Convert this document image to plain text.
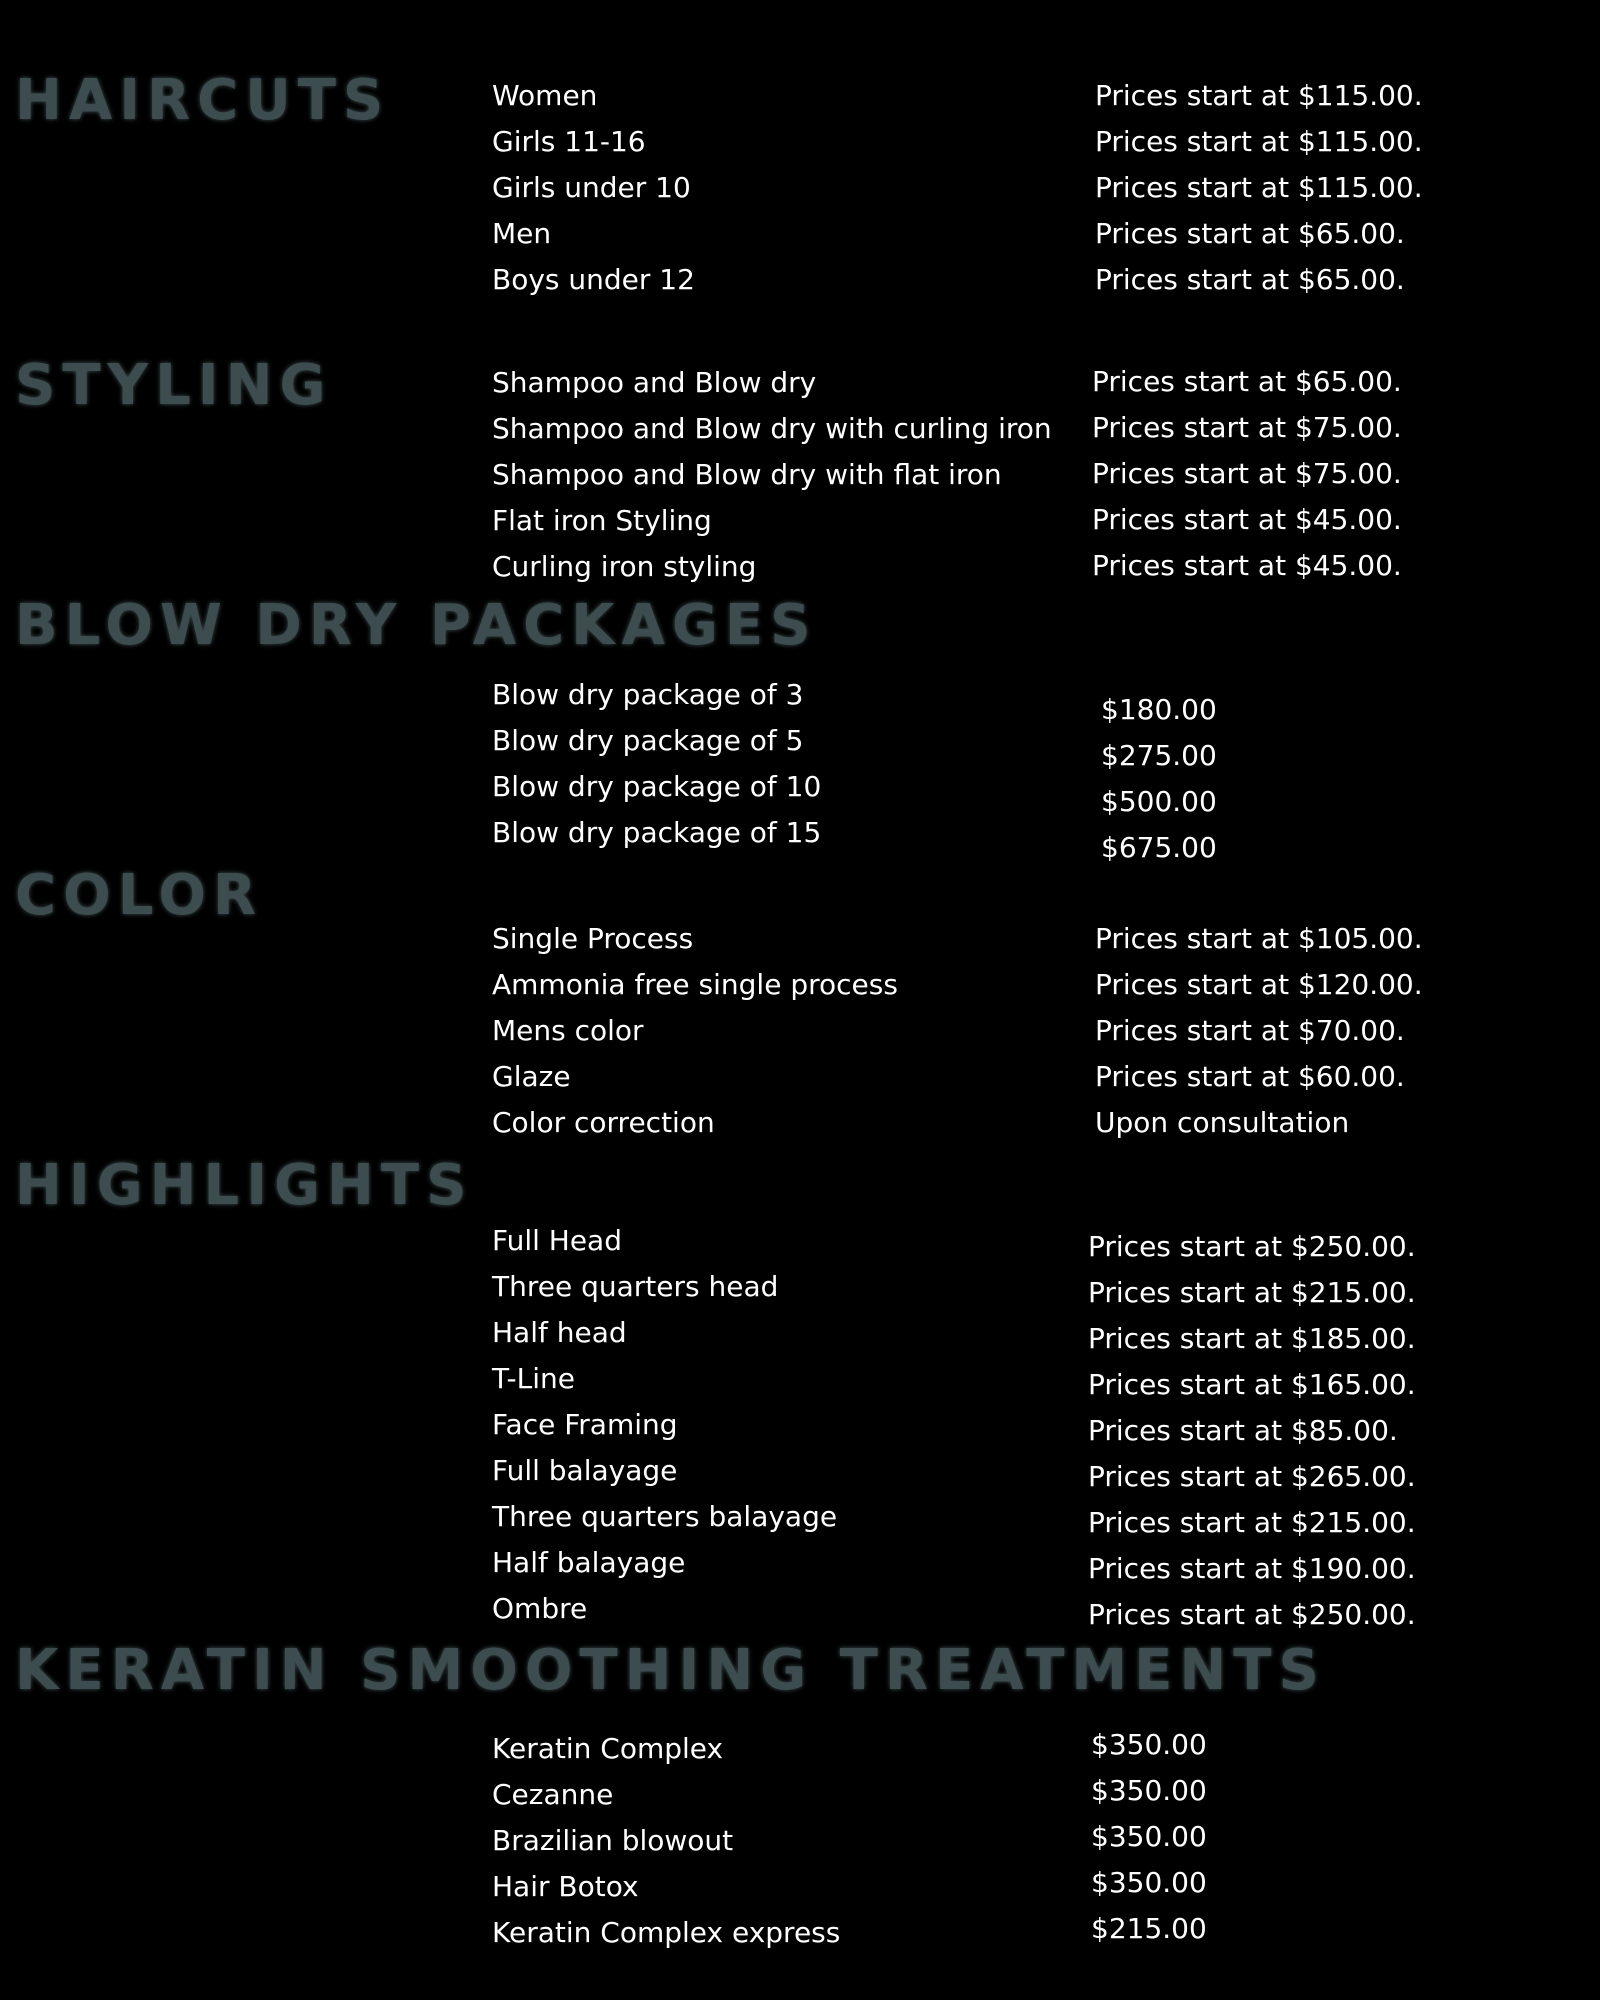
HAIRCUTS	Women	Prices start at $115.00.
Girls 11-16	Prices start at $115.00.
Girls under 10	Prices start at $115.00.
Men	Prices start at $65.00.
Boys under 12	Prices start at $65.00.
STYLING	Shampoo and Blow dry	Prices start at $65.00.
Shampoo and Blow dry with curling iron Prices start at $75.00.
Shampoo and Blow dry with flat iron	Prices start at $75.00.
Flat iron Styling	Prices start at $45.00.
Curling iron styling	Prices start at $45.00.
BLOW DRY PACKAGES
Blow dry package of 3	$180.00
Blow dry package of 5	$275.00
Blow dry package of 10	$500.00
Blow dry package of 15	$675.00
COLOR
Single Process	Prices start at $105.00.
Ammonia free single process	Prices start at $120.00.
Mens color	Prices start at $70.00.
Glaze	Prices start at $60.00.
Color correction	Upon consultation
HIGHLIGHTS
Full Head	Prices start at $250.00.
Three quarters head	Prices start at $215.00.
Half head	Prices start at $185.00.
T-Line	Prices start at $165.00.
Face Framing	Prices start at $85.00.
Full balayage	Prices start at $265.00.
Three quarters balayage	Prices start at $215.00.
Half balayage	Prices start at $190.00.
Ombre	Prices start at $250.00.
KERATIN SMOOTHING TREATMENTS
Keratin Complex	$350.00
Cezanne	$350.00
Brazilian blowout	$350.00
Hair Botox	$350.00
Keratin Complex express	$215.00
